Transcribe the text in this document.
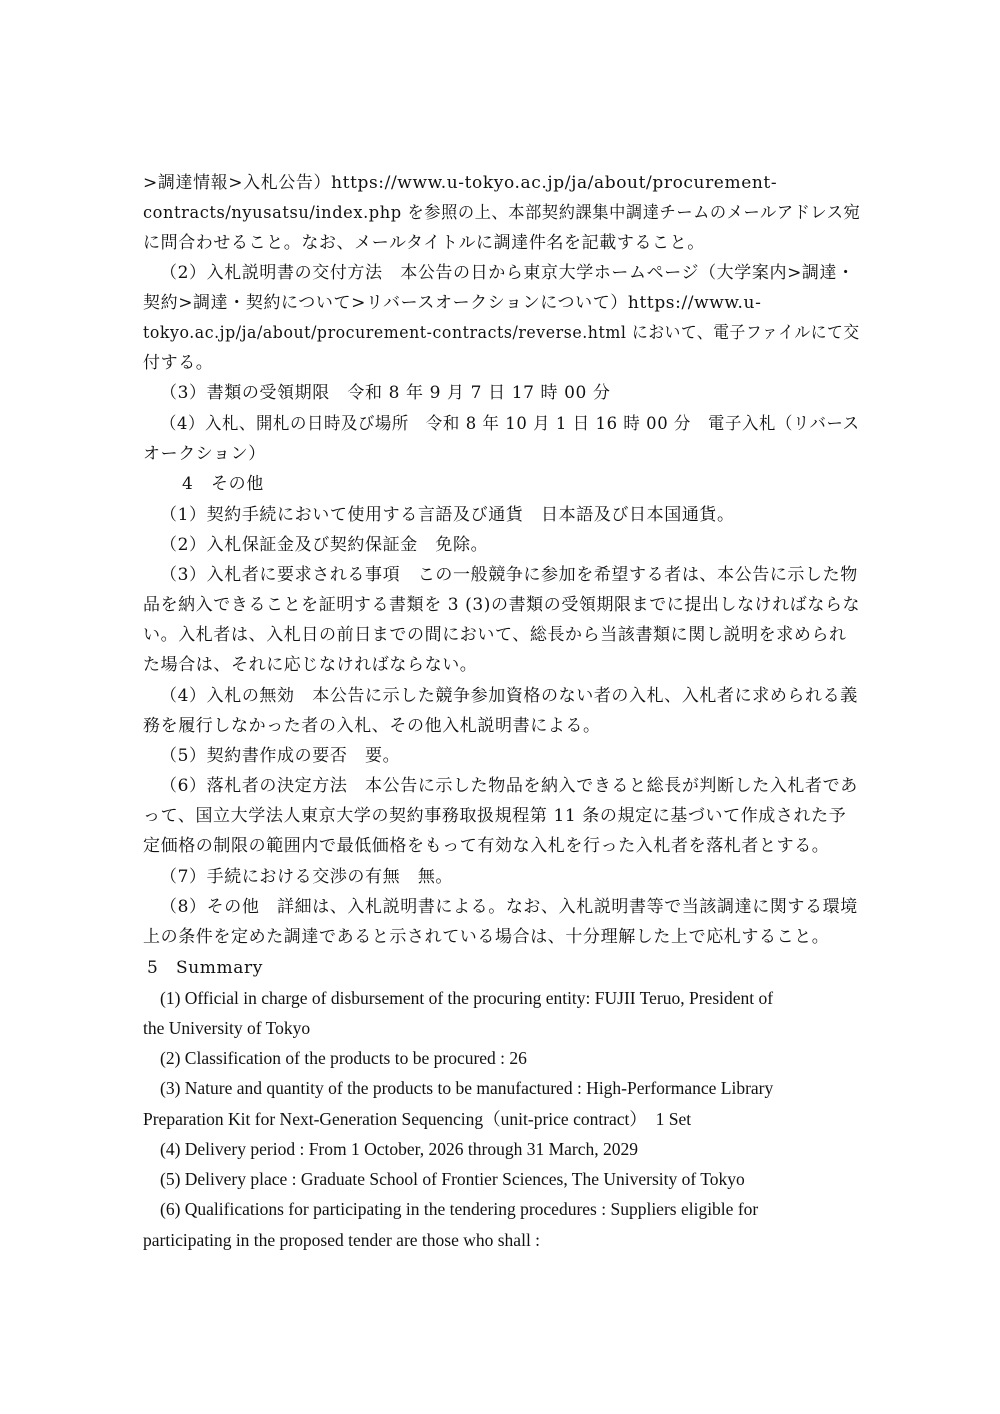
>調達情報>入札公告）https://www.u-tokyo.ac.jp/ja/about/procurement-
contracts/nyusatsu/index.php を参照の上、本部契約課集中調達チームのメールアドレス宛
に問合わせること。なお、メールタイトルに調達件名を記載すること。
（2）入札説明書の交付方法　本公告の日から東京大学ホームページ（大学案内>調達・
契約>調達・契約について>リバースオークションについて）https://www.u-
tokyo.ac.jp/ja/about/procurement-contracts/reverse.html において、電子ファイルにて交
付する。
（3）書類の受領期限　令和 8 年 9 月 7 日 17 時 00 分
（4）入札、開札の日時及び場所　令和 8 年 10 月 1 日 16 時 00 分　電子入札（リバース
オークション）
4　その他
（1）契約手続において使用する言語及び通貨　日本語及び日本国通貨。
（2）入札保証金及び契約保証金　免除。
（3）入札者に要求される事項　この一般競争に参加を希望する者は、本公告に示した物
品を納入できることを証明する書類を 3 (3)の書類の受領期限までに提出しなければならな
い。入札者は、入札日の前日までの間において、総長から当該書類に関し説明を求められ
た場合は、それに応じなければならない。
（4）入札の無効　本公告に示した競争参加資格のない者の入札、入札者に求められる義
務を履行しなかった者の入札、その他入札説明書による。
（5）契約書作成の要否　要。
（6）落札者の決定方法　本公告に示した物品を納入できると総長が判断した入札者であ
って、国立大学法人東京大学の契約事務取扱規程第 11 条の規定に基づいて作成された予
定価格の制限の範囲内で最低価格をもって有効な入札を行った入札者を落札者とする。
（7）手続における交渉の有無　無。
（8）その他　詳細は、入札説明書による。なお、入札説明書等で当該調達に関する環境
上の条件を定めた調達であると示されている場合は、十分理解した上で応札すること。
5　Summary
(1) Official in charge of disbursement of the procuring entity: FUJII Teruo, President of
the University of Tokyo
(2) Classification of the products to be procured : 26
(3) Nature and quantity of the products to be manufactured : High-Performance Library
Preparation Kit for Next-Generation Sequencing（unit-price contract）　1 Set
(4) Delivery period : From 1 October, 2026 through 31 March, 2029
(5) Delivery place : Graduate School of Frontier Sciences, The University of Tokyo
(6) Qualifications for participating in the tendering procedures : Suppliers eligible for
participating in the proposed tender are those who shall :
